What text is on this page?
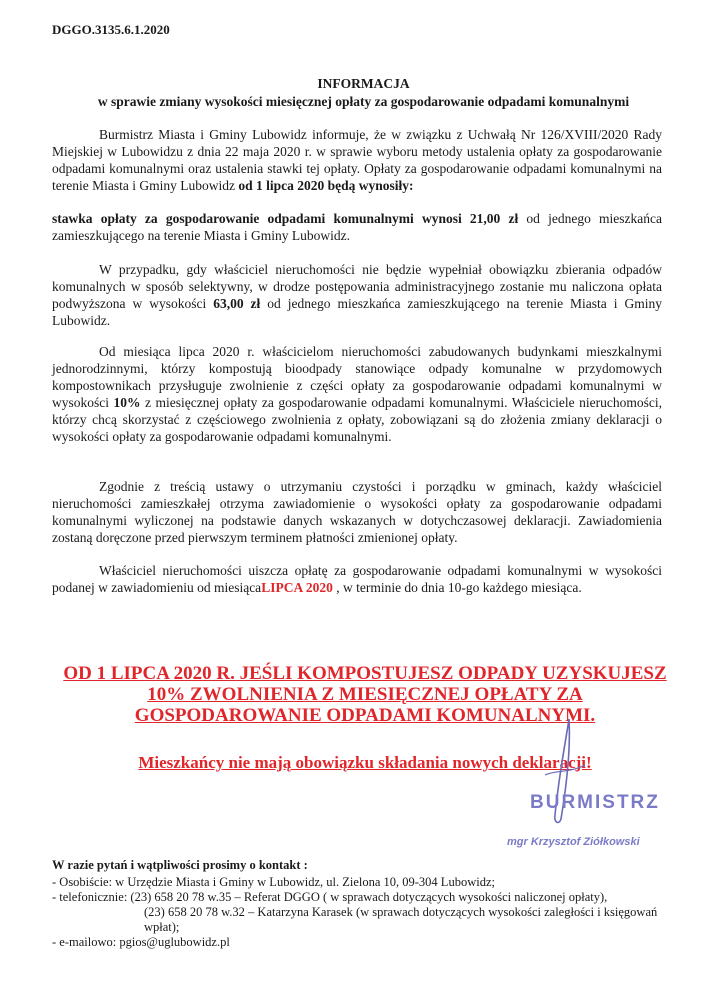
DGGO.3135.6.1.2020
INFORMACJA
w sprawie zmiany wysokości miesięcznej opłaty za gospodarowanie odpadami komunalnymi
Burmistrz Miasta i Gminy Lubowidz informuje, że w związku z Uchwałą Nr 126/XVIII/2020 Rady Miejskiej w Lubowidzu z dnia 22 maja 2020 r. w sprawie wyboru metody ustalenia opłaty za gospodarowanie odpadami komunalnymi oraz ustalenia stawki tej opłaty. Opłaty za gospodarowanie odpadami komunalnymi na terenie Miasta i Gminy Lubowidz od 1 lipca 2020 będą wynosiły:
stawka opłaty za gospodarowanie odpadami komunalnymi wynosi 21,00 zł od jednego mieszkańca zamieszkującego na terenie Miasta i Gminy Lubowidz.
W przypadku, gdy właściciel nieruchomości nie będzie wypełniał obowiązku zbierania odpadów komunalnych w sposób selektywny, w drodze postępowania administracyjnego zostanie mu naliczona opłata podwyższona w wysokości 63,00 zł od jednego mieszkańca zamieszkującego na terenie Miasta i Gminy Lubowidz.
Od miesiąca lipca 2020 r. właścicielom nieruchomości zabudowanych budynkami mieszkalnymi jednorodzinnymi, którzy kompostują bioodpady stanowiące odpady komunalne w przydomowych kompostownikach przysługuje zwolnienie z części opłaty za gospodarowanie odpadami komunalnymi w wysokości 10% z miesięcznej opłaty za gospodarowanie odpadami komunalnymi. Właściciele nieruchomości, którzy chcą skorzystać z częściowego zwolnienia z opłaty, zobowiązani są do złożenia zmiany deklaracji o wysokości opłaty za gospodarowanie odpadami komunalnymi.
Zgodnie z treścią ustawy o utrzymaniu czystości i porządku w gminach, każdy właściciel nieruchomości zamieszkałej otrzyma zawiadomienie o wysokości opłaty za gospodarowanie odpadami komunalnymi wyliczonej na podstawie danych wskazanych w dotychczasowej deklaracji. Zawiadomienia zostaną doręczone przed pierwszym terminem płatności zmienionej opłaty.
Właściciel nieruchomości uiszcza opłatę za gospodarowanie odpadami komunalnymi w wysokości podanej w zawiadomieniu od miesiącaLIPCA 2020 , w terminie do dnia 10-go każdego miesiąca.
OD 1 LIPCA 2020 R. JEŚLI KOMPOSTUJESZ ODPADY UZYSKUJESZ 10% ZWOLNIENIA Z MIESIĘCZNEJ OPŁATY ZA GOSPODAROWANIE ODPADAMI KOMUNALNYMI.
Mieszkańcy nie mają obowiązku składania nowych deklaracji!
BURMISTRZ
mgr Krzysztof Ziółkowski
W razie pytań i wątpliwości prosimy o kontakt :
- Osobiście: w Urzędzie Miasta i Gminy w Lubowidz, ul. Zielona 10, 09-304 Lubowidz;
- telefonicznie: (23) 658 20 78 w.35 – Referat DGGO ( w sprawach dotyczących wysokości naliczonej opłaty),
(23) 658 20 78 w.32 – Katarzyna Karasek (w sprawach dotyczących wysokości zaległości i księgowań wpłat);
- e-mailowo: pgios@uglubowidz.pl
